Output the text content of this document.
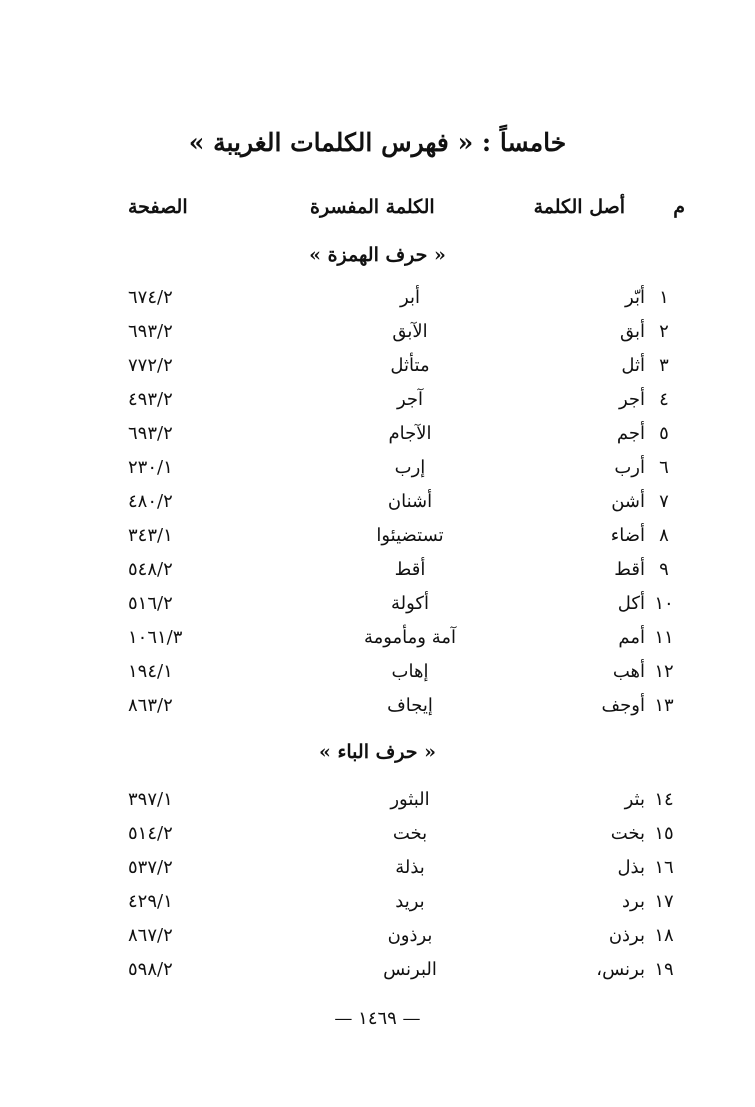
خامساً : « فهرس الكلمات الغريبة »
م
أصل الكلمة
الكلمة المفسرة
الصفحة
« حرف الهمزة »
١
أبّر
أبر
٦٧٤/٢
٢
أبق
الآبق
٦٩٣/٢
٣
أثل
متأثل
٧٧٢/٢
٤
أجر
آجر
٤٩٣/٢
٥
أجم
الآجام
٦٩٣/٢
٦
أرب
إرب
٢٣٠/١
٧
أشن
أشنان
٤٨٠/٢
٨
أضاء
تستضيئوا
٣٤٣/١
٩
أقط
أقط
٥٤٨/٢
١٠
أكل
أكولة
٥١٦/٢
١١
أمم
آمة ومأمومة
١٠٦١/٣
١٢
أهب
إهاب
١٩٤/١
١٣
أوجف
إيجاف
٨٦٣/٢
« حرف الباء »
١٤
بثر
البثور
٣٩٧/١
١٥
بخت
بخت
٥١٤/٢
١٦
بذل
بذلة
٥٣٧/٢
١٧
برد
بريد
٤٢٩/١
١٨
برذن
برذون
٨٦٧/٢
١٩
برنس،
البرنس
٥٩٨/٢
— ١٤٦٩ —
